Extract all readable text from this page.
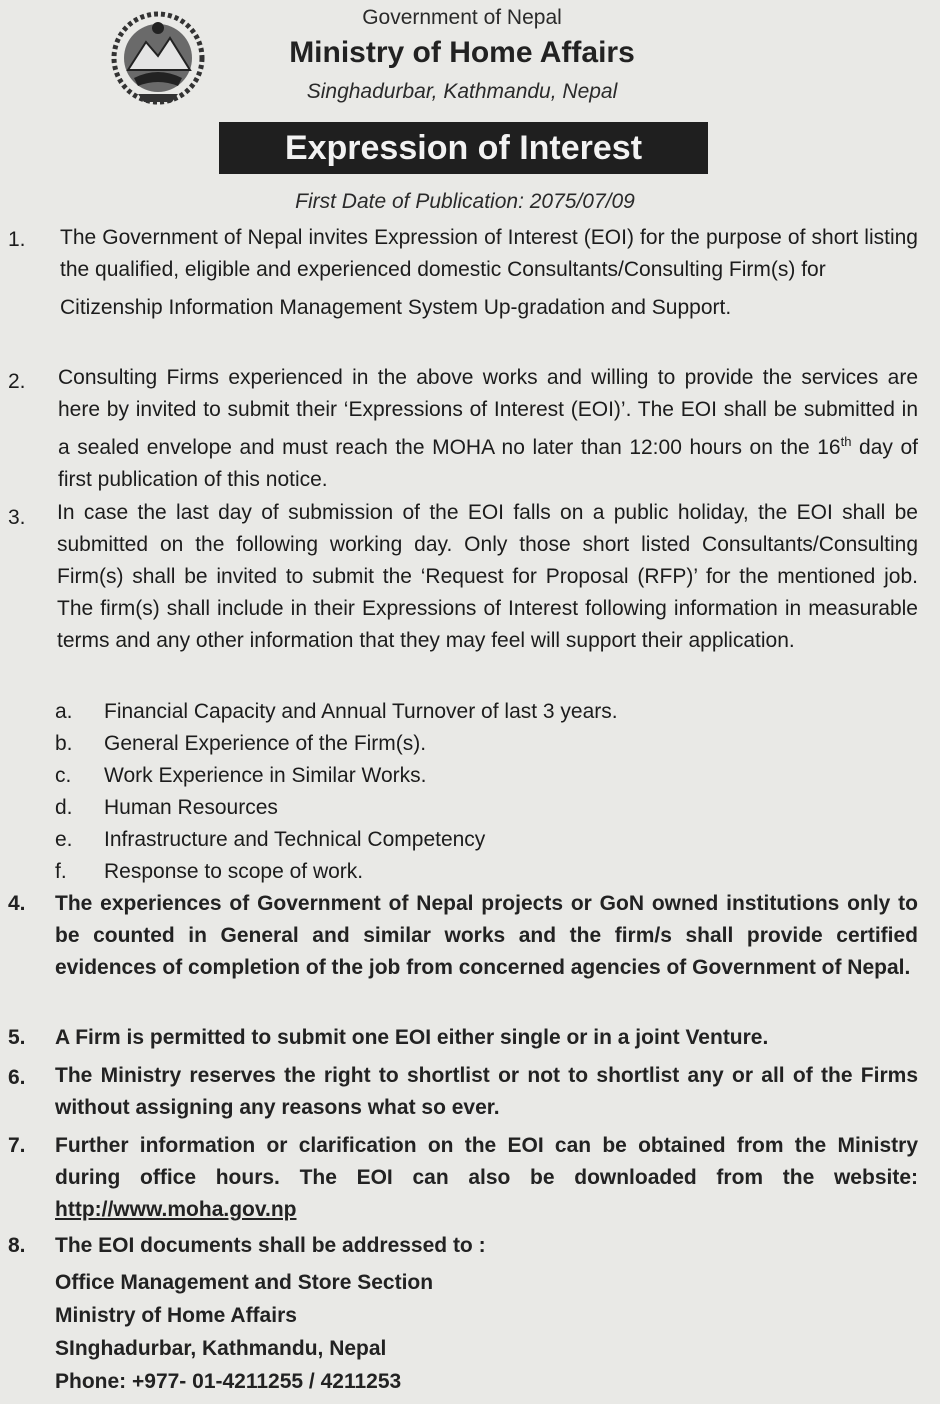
Government of Nepal
Ministry of Home Affairs
Singhadurbar, Kathmandu, Nepal
Expression of Interest
First Date of Publication: 2075/07/09
1. The Government of Nepal invites Expression of Interest (EOI) for the purpose of short listing the qualified, eligible and experienced domestic Consultants/Consulting Firm(s) for

Citizenship Information Management System Up-gradation and Support.

2. Consulting Firms experienced in the above works and willing to provide the services are here by invited to submit their ‘Expressions of Interest (EOI)’. The EOI shall be submitted in a sealed envelope and must reach the MOHA no later than 12:00 hours on the 16th day of first publication of this notice.

3. In case the last day of submission of the EOI falls on a public holiday, the EOI shall be submitted on the following working day. Only those short listed Consultants/Consulting Firm(s) shall be invited to submit the ‘Request for Proposal (RFP)’ for the mentioned job. The firm(s) shall include in their Expressions of Interest following information in measurable terms and any other information that they may feel will support their application.

a. Financial Capacity and Annual Turnover of last 3 years.
b. General Experience of the Firm(s).
c. Work Experience in Similar Works.
d. Human Resources
e. Infrastructure and Technical Competency
f. Response to scope of work.
4. The experiences of Government of Nepal projects or GoN owned institutions only to be counted in General and similar works and the firm/s shall provide certified evidences of completion of the job from concerned agencies of Government of Nepal.

5. A Firm is permitted to submit one EOI either single or in a joint Venture.

6. The Ministry reserves the right to shortlist or not to shortlist any or all of the Firms without assigning any reasons what so ever.

7. Further information or clarification on the EOI can be obtained from the Ministry during office hours. The EOI can also be downloaded from the website: http://www.moha.gov.np

8. The EOI documents shall be addressed to :

Office Management and Store Section
Ministry of Home Affairs
SInghadurbar, Kathmandu, Nepal
Phone: +977- 01-4211255 / 4211253
